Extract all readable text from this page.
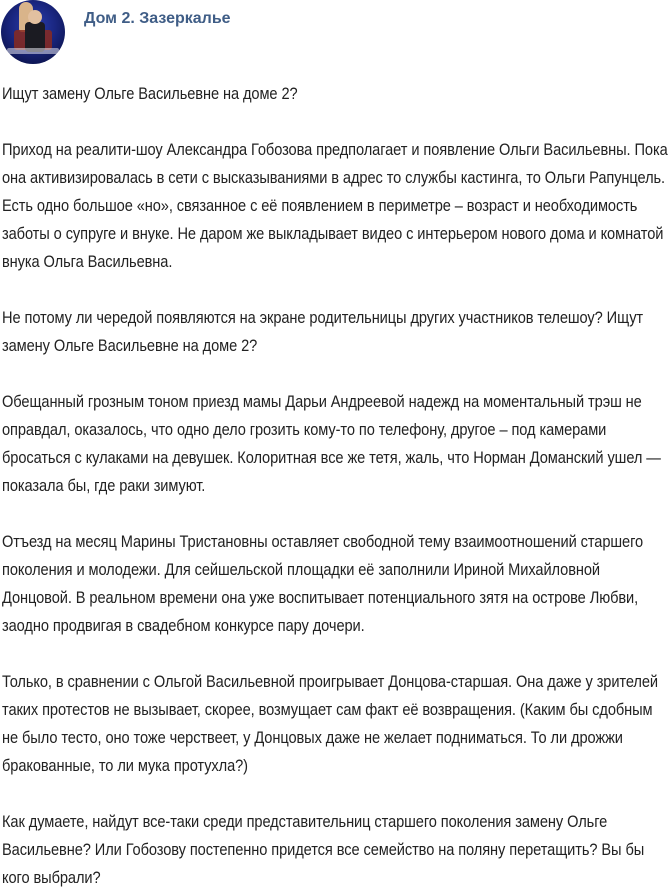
Дом 2. Зазеркалье

Ищут замену Ольге Васильевне на доме 2?

Приход на реалити-шоу Александра Гобозова предполагает и появление Ольги Васильевны. Пока она активизировалась в сети с высказываниями в адрес то службы кастинга, то Ольги Рапунцель. Есть одно большое «но», связанное с её появлением в периметре – возраст и необходимость заботы о супруге и внуке. Не даром же выкладывает видео с интерьером нового дома и комнатой внука Ольга Васильевна.

Не потому ли чередой появляются на экране родительницы других участников телешоу? Ищут замену Ольге Васильевне на доме 2?

Обещанный грозным тоном приезд мамы Дарьи Андреевой надежд на моментальный трэш не оправдал, оказалось, что одно дело грозить кому-то по телефону, другое – под камерами бросаться с кулаками на девушек. Колоритная все же тетя, жаль, что Норман Доманский ушел — показала бы, где раки зимуют.

Отъезд на месяц Марины Тристановны оставляет свободной тему взаимоотношений старшего поколения и молодежи. Для сейшельской площадки её заполнили Ириной Михайловной Донцовой. В реальном времени она уже воспитывает потенциального зятя на острове Любви, заодно продвигая в свадебном конкурсе пару дочери.

Только, в сравнении с Ольгой Васильевной проигрывает Донцова-старшая. Она даже у зрителей таких протестов не вызывает, скорее, возмущает сам факт её возвращения. (Каким бы сдобным не было тесто, оно тоже черствеет, у Донцовых даже не желает подниматься. То ли дрожжи бракованные, то ли мука протухла?)

Как думаете, найдут все-таки среди представительниц старшего поколения замену Ольге Васильевне? Или Гобозову постепенно придется все семейство на поляну перетащить? Вы бы кого выбрали?
